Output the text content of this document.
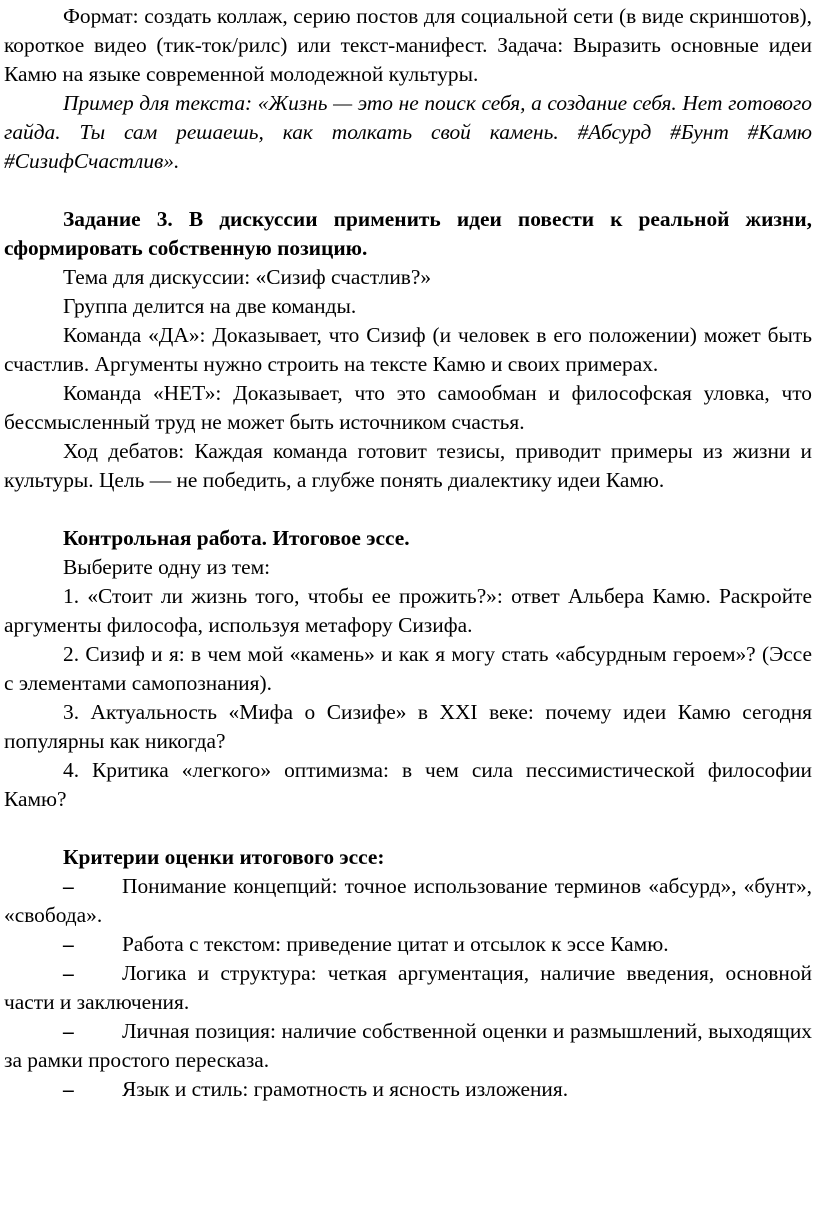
Формат: создать коллаж, серию постов для социальной сети (в виде скриншотов), короткое видео (тик-ток/рилс) или текст-манифест. Задача: Выразить основные идеи Камю на языке современной молодежной культуры.

Пример для текста: «Жизнь — это не поиск себя, а создание себя. Нет готового гайда. Ты сам решаешь, как толкать свой камень. #Абсурд #Бунт #Камю #СизифСчастлив».

Задание 3. В дискуссии применить идеи повести к реальной жизни, сформировать собственную позицию.

Тема для дискуссии: «Сизиф счастлив?»

Группа делится на две команды.

Команда «ДА»: Доказывает, что Сизиф (и человек в его положении) может быть счастлив. Аргументы нужно строить на тексте Камю и своих примерах.

Команда «НЕТ»: Доказывает, что это самообман и философская уловка, что бессмысленный труд не может быть источником счастья.

Ход дебатов: Каждая команда готовит тезисы, приводит примеры из жизни и культуры. Цель — не победить, а глубже понять диалектику идеи Камю.

Контрольная работа. Итоговое эссе.

Выберите одну из тем:

1. «Стоит ли жизнь того, чтобы ее прожить?»: ответ Альбера Камю. Раскройте аргументы философа, используя метафору Сизифа.

2. Сизиф и я: в чем мой «камень» и как я могу стать «абсурдным героем»? (Эссе с элементами самопознания).

3. Актуальность «Мифа о Сизифе» в XXI веке: почему идеи Камю сегодня популярны как никогда?

4. Критика «легкого» оптимизма: в чем сила пессимистической философии Камю?

Критерии оценки итогового эссе:

– Понимание концепций: точное использование терминов «абсурд», «бунт», «свобода».

– Работа с текстом: приведение цитат и отсылок к эссе Камю.

– Логика и структура: четкая аргументация, наличие введения, основной части и заключения.

– Личная позиция: наличие собственной оценки и размышлений, выходящих за рамки простого пересказа.

– Язык и стиль: грамотность и ясность изложения.
